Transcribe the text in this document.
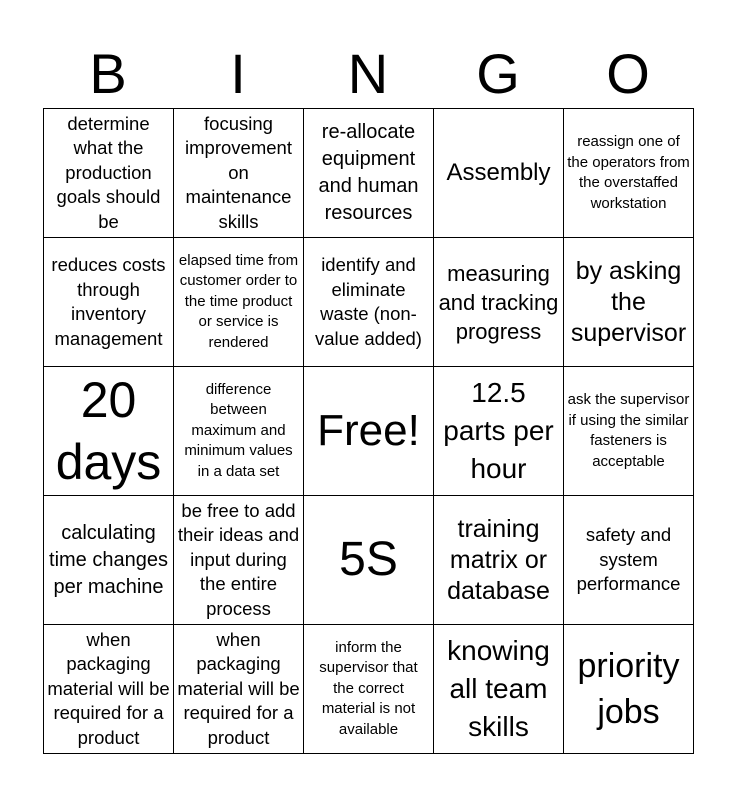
B	I	N	G	O
determine what the production goals should be	focusing improvement on maintenance skills	re-allocate equipment and human resources	Assembly	reassign one of the operators from the overstaffed workstation

reduces costs through inventory management	elapsed time from customer order to the time product or service is rendered	identify and eliminate waste (non-value added)	measuring and tracking progress	by asking the supervisor

20 days	difference between maximum and minimum values in a data set	Free!	12.5 parts per hour	ask the supervisor if using the similar fasteners is acceptable

calculating time changes per machine	be free to add their ideas and input during the entire process	5S	training matrix or database	safety and system performance

when packaging material will be required for a product	when packaging material will be required for a product	inform the supervisor that the correct material is not available	knowing all team skills	priority jobs
